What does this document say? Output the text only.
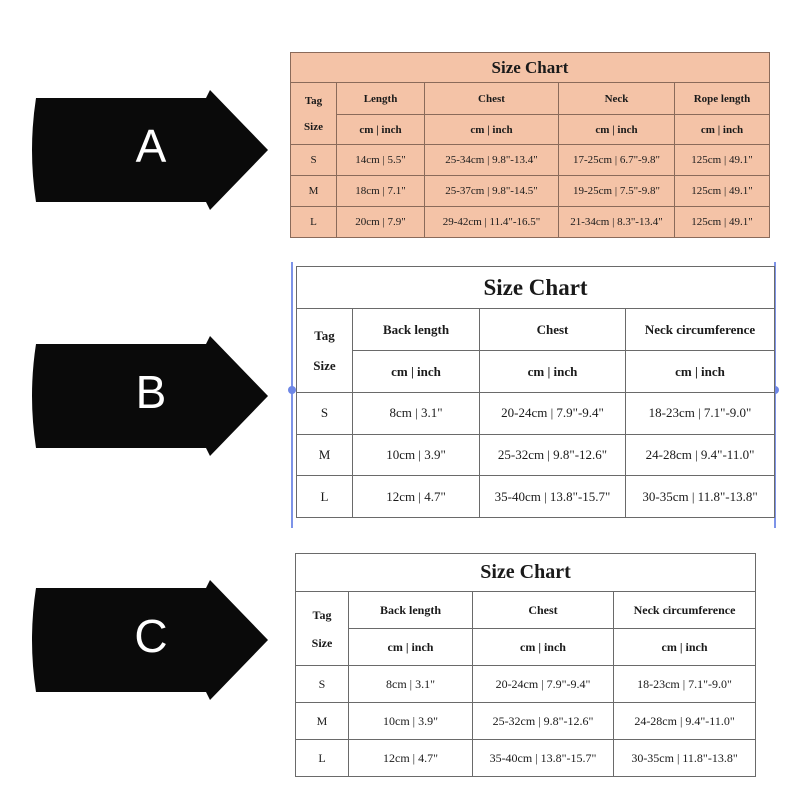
A
B
C
Size Chart				

Tag
Size	Length	Chest	Neck	Rope length
	cm | inch	cm | inch	cm | inch	cm | inch
S	14cm | 5.5"	25-34cm | 9.8"-13.4"	17-25cm | 6.7"-9.8"	125cm | 49.1"
M	18cm | 7.1"	25-37cm | 9.8"-14.5"	19-25cm | 7.5"-9.8"	125cm | 49.1"
L	20cm | 7.9"	29-42cm | 11.4"-16.5"	21-34cm | 8.3"-13.4"	125cm | 49.1"
Size Chart			

Tag
Size	Back length	Chest	Neck circumference
	cm | inch	cm | inch	cm | inch
S	8cm | 3.1"	20-24cm | 7.9"-9.4"	18-23cm | 7.1"-9.0"
M	10cm | 3.9"	25-32cm | 9.8"-12.6"	24-28cm | 9.4"-11.0"
L	12cm | 4.7"	35-40cm | 13.8"-15.7"	30-35cm | 11.8"-13.8"
Size Chart			

Tag
Size	Back length	Chest	Neck circumference
	cm | inch	cm | inch	cm | inch
S	8cm | 3.1"	20-24cm | 7.9"-9.4"	18-23cm | 7.1"-9.0"
M	10cm | 3.9"	25-32cm | 9.8"-12.6"	24-28cm | 9.4"-11.0"
L	12cm | 4.7"	35-40cm | 13.8"-15.7"	30-35cm | 11.8"-13.8"
